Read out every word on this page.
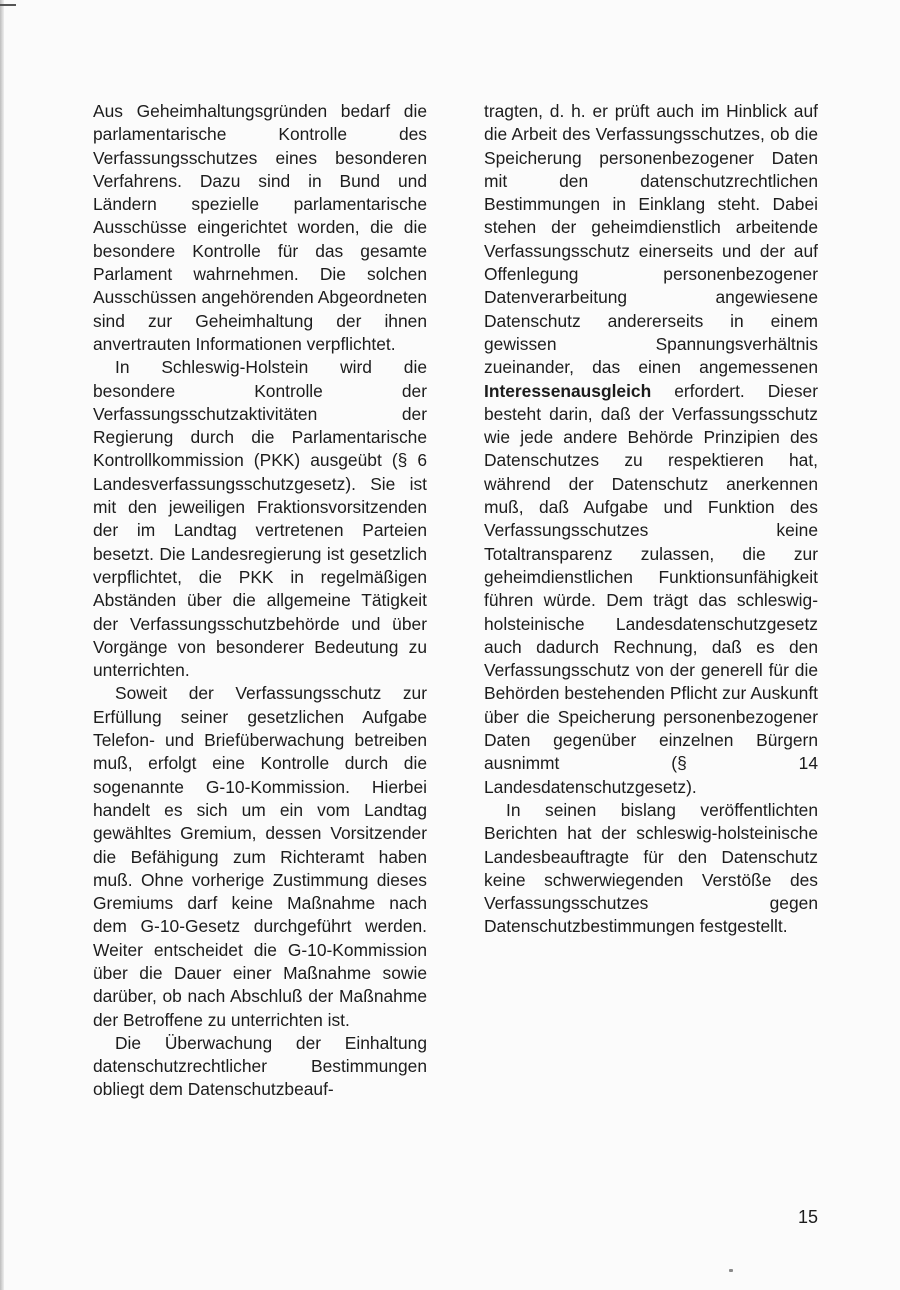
Aus Geheimhaltungsgründen bedarf die parlamentarische Kontrolle des Verfassungsschutzes eines besonderen Verfahrens. Dazu sind in Bund und Ländern spezielle parlamentarische Ausschüsse eingerichtet worden, die die besondere Kontrolle für das gesamte Parlament wahrnehmen. Die solchen Ausschüssen angehörenden Abgeordneten sind zur Geheimhaltung der ihnen anvertrauten Informationen verpflichtet.

In Schleswig-Holstein wird die besondere Kontrolle der Verfassungsschutzaktivitäten der Regierung durch die Parlamentarische Kontrollkommission (PKK) ausgeübt (§ 6 Landesverfassungsschutzgesetz). Sie ist mit den jeweiligen Fraktionsvorsitzenden der im Landtag vertretenen Parteien besetzt. Die Landesregierung ist gesetzlich verpflichtet, die PKK in regelmäßigen Abständen über die allgemeine Tätigkeit der Verfassungsschutzbehörde und über Vorgänge von besonderer Bedeutung zu unterrichten.

Soweit der Verfassungsschutz zur Erfüllung seiner gesetzlichen Aufgabe Telefon- und Briefüberwachung betreiben muß, erfolgt eine Kontrolle durch die sogenannte G-10-Kommission. Hierbei handelt es sich um ein vom Landtag gewähltes Gremium, dessen Vorsitzender die Befähigung zum Richteramt haben muß. Ohne vorherige Zustimmung dieses Gremiums darf keine Maßnahme nach dem G-10-Gesetz durchgeführt werden. Weiter entscheidet die G-10-Kommission über die Dauer einer Maßnahme sowie darüber, ob nach Abschluß der Maßnahme der Betroffene zu unterrichten ist.

Die Überwachung der Einhaltung datenschutzrechtlicher Bestimmungen obliegt dem Datenschutzbeauf-

tragten, d. h. er prüft auch im Hinblick auf die Arbeit des Verfassungsschutzes, ob die Speicherung personenbezogener Daten mit den datenschutzrechtlichen Bestimmungen in Einklang steht. Dabei stehen der geheimdienstlich arbeitende Verfassungsschutz einerseits und der auf Offenlegung personenbezogener Datenverarbeitung angewiesene Datenschutz andererseits in einem gewissen Spannungsverhältnis zueinander, das einen angemessenen Interessenausgleich erfordert. Dieser besteht darin, daß der Verfassungsschutz wie jede andere Behörde Prinzipien des Datenschutzes zu respektieren hat, während der Datenschutz anerkennen muß, daß Aufgabe und Funktion des Verfassungsschutzes keine Totaltransparenz zulassen, die zur geheimdienstlichen Funktionsunfähigkeit führen würde. Dem trägt das schleswig-holsteinische Landesdatenschutzgesetz auch dadurch Rechnung, daß es den Verfassungsschutz von der generell für die Behörden bestehenden Pflicht zur Auskunft über die Speicherung personenbezogener Daten gegenüber einzelnen Bürgern ausnimmt (§ 14 Landesdatenschutzgesetz).

In seinen bislang veröffentlichten Berichten hat der schleswig-holsteinische Landesbeauftragte für den Datenschutz keine schwerwiegenden Verstöße des Verfassungsschutzes gegen Datenschutzbestimmungen festgestellt.

15
